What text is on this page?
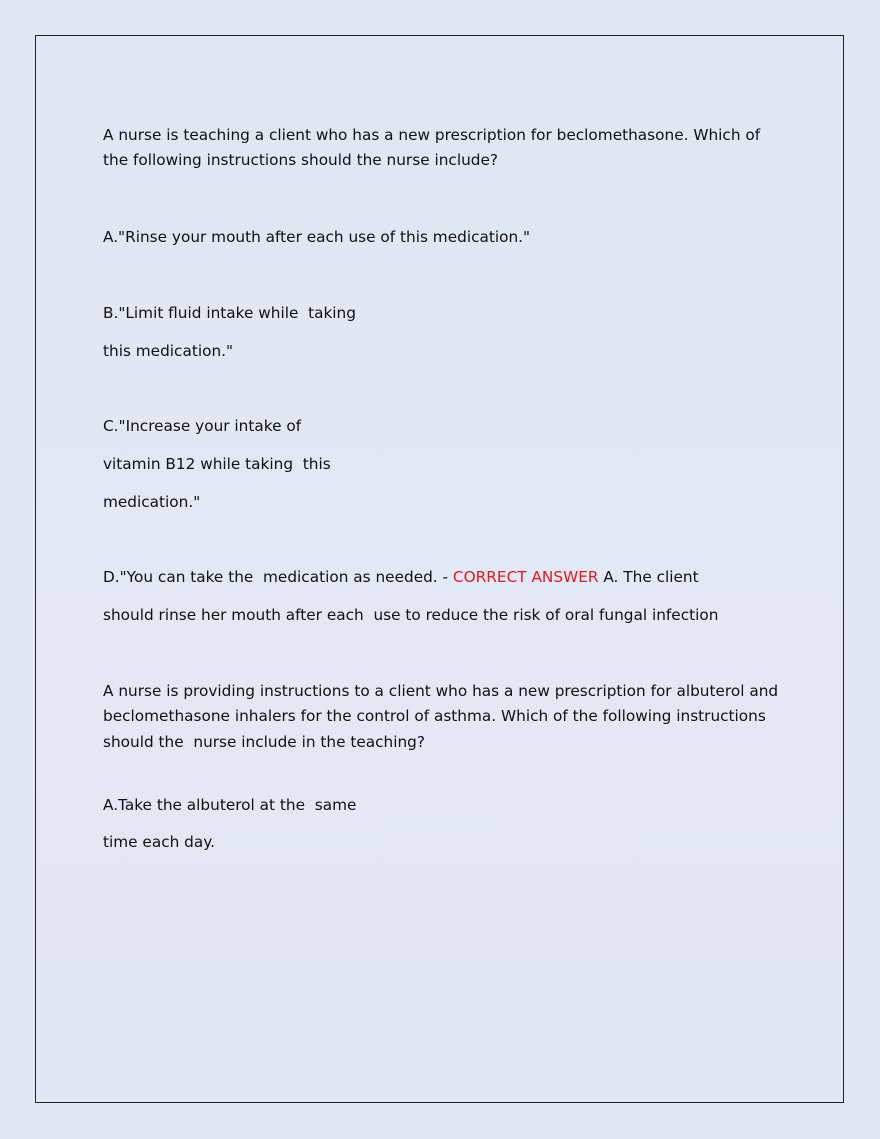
A nurse is teaching a client who has a new prescription for beclomethasone. Which of

the following instructions should the nurse include?

A."Rinse your mouth after each use of this medication."

B."Limit fluid intake while  taking

this medication."

C."Increase your intake of

vitamin B12 while taking  this

medication."

D."You can take the  medication as needed. - CORRECT ANSWER A. The client

should rinse her mouth after each  use to reduce the risk of oral fungal infection

A nurse is providing instructions to a client who has a new prescription for albuterol and

beclomethasone inhalers for the control of asthma. Which of the following instructions

should the  nurse include in the teaching?

A.Take the albuterol at the  same

time each day.
